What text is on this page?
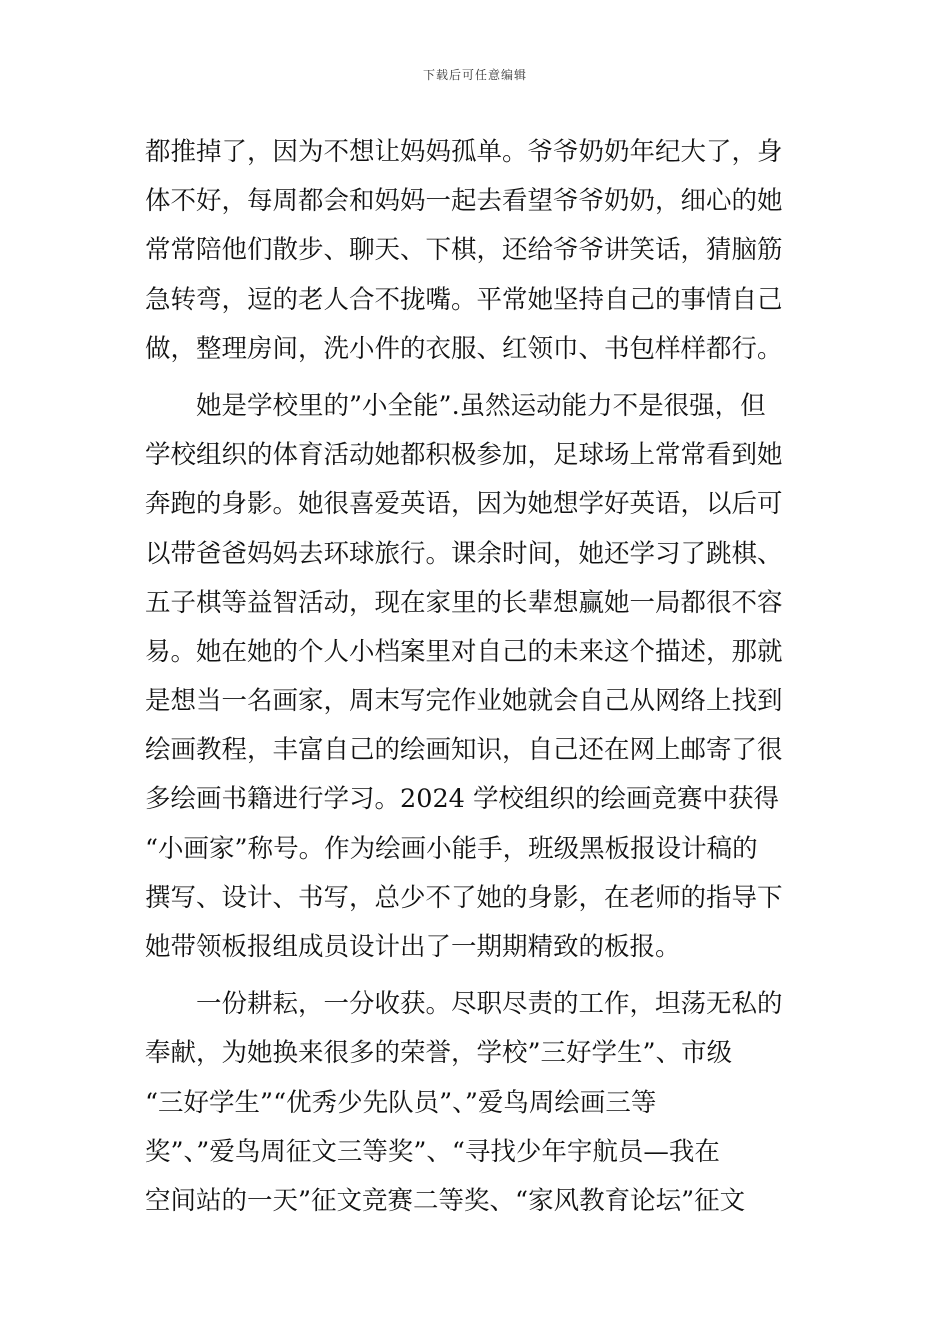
下载后可任意编辑
都推掉了，因为不想让妈妈孤单。爷爷奶奶年纪大了，身
体不好，每周都会和妈妈一起去看望爷爷奶奶，细心的她
常常陪他们散步、聊天、下棋，还给爷爷讲笑话，猜脑筋
急转弯，逗的老人合不拢嘴。平常她坚持自己的事情自己
做，整理房间，洗小件的衣服、红领巾、书包样样都行。
　　她是学校里的”小全能”.虽然运动能力不是很强，但
学校组织的体育活动她都积极参加，足球场上常常看到她
奔跑的身影。她很喜爱英语，因为她想学好英语，以后可
以带爸爸妈妈去环球旅行。课余时间，她还学习了跳棋、
五子棋等益智活动，现在家里的长辈想赢她一局都很不容
易。她在她的个人小档案里对自己的未来这个描述，那就
是想当一名画家，周末写完作业她就会自己从网络上找到
绘画教程，丰富自己的绘画知识，自己还在网上邮寄了很
多绘画书籍进行学习。2024 学校组织的绘画竞赛中获得
“小画家”称号。作为绘画小能手，班级黑板报设计稿的
撰写、设计、书写，总少不了她的身影，在老师的指导下
她带领板报组成员设计出了一期期精致的板报。
　　一份耕耘，一分收获。尽职尽责的工作，坦荡无私的
奉献，为她换来很多的荣誉，学校”三好学生”、市级
“三好学生”“优秀少先队员”、”爱鸟周绘画三等
奖”、”爱鸟周征文三等奖”、“寻找少年宇航员—我在
空间站的一天”征文竞赛二等奖、“家风教育论坛”征文
